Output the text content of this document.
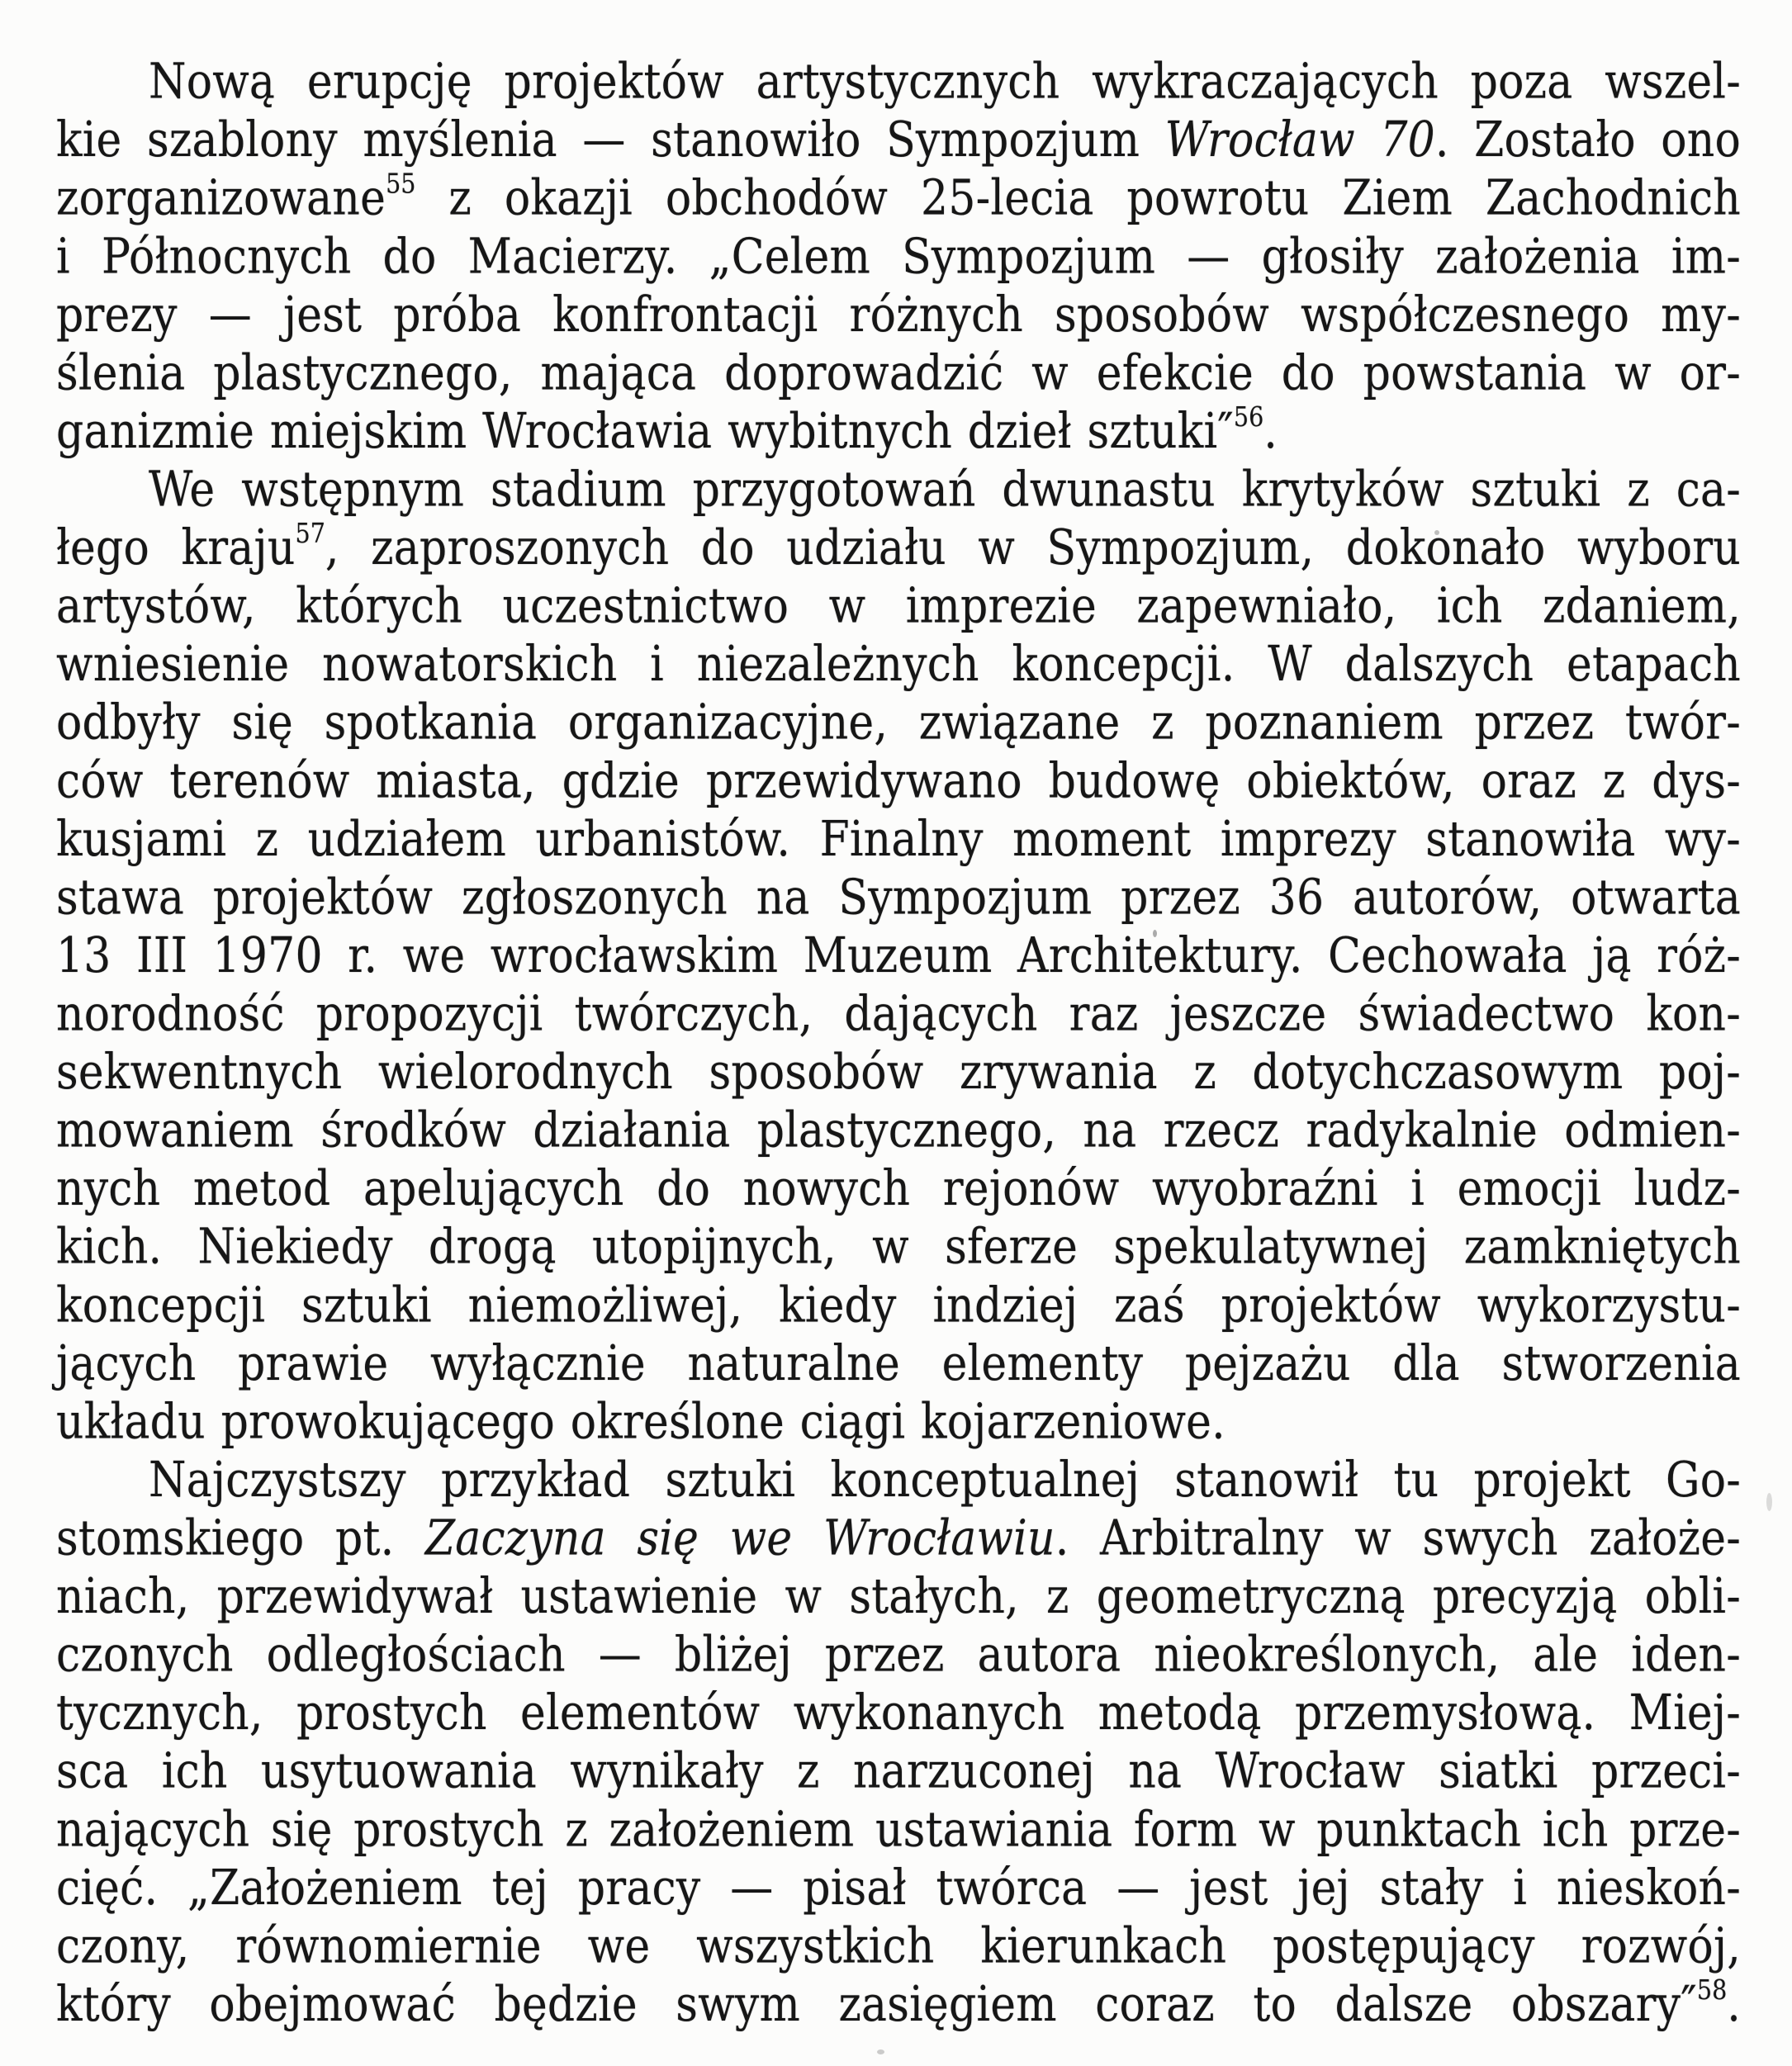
Nową erupcję projektów artystycznych wykraczających poza wszel-
kie szablony myślenia — stanowiło Sympozjum Wrocław 70. Zostało ono
zorganizowane$^{55}$ z okazji obchodów 25-lecia powrotu Ziem Zachodnich
i Północnych do Macierzy. „Celem Sympozjum — głosiły założenia im-
prezy — jest próba konfrontacji różnych sposobów współczesnego my-
ślenia plastycznego, mająca doprowadzić w efekcie do powstania w or-
ganizmie miejskim Wrocławia wybitnych dzieł sztuki″$^{56}$.
We wstępnym stadium przygotowań dwunastu krytyków sztuki z ca-
łego kraju$^{57}$, zaproszonych do udziału w Sympozjum, dokonało wyboru
artystów, których uczestnictwo w imprezie zapewniało, ich zdaniem,
wniesienie nowatorskich i niezależnych koncepcji. W dalszych etapach
odbyły się spotkania organizacyjne, związane z poznaniem przez twór-
ców terenów miasta, gdzie przewidywano budowę obiektów, oraz z dys-
kusjami z udziałem urbanistów. Finalny moment imprezy stanowiła wy-
stawa projektów zgłoszonych na Sympozjum przez 36 autorów, otwarta
13 III 1970 r. we wrocławskim Muzeum Architektury. Cechowała ją róż-
norodność propozycji twórczych, dających raz jeszcze świadectwo kon-
sekwentnych wielorodnych sposobów zrywania z dotychczasowym poj-
mowaniem środków działania plastycznego, na rzecz radykalnie odmien-
nych metod apelujących do nowych rejonów wyobraźni i emocji ludz-
kich. Niekiedy drogą utopijnych, w sferze spekulatywnej zamkniętych
koncepcji sztuki niemożliwej, kiedy indziej zaś projektów wykorzystu-
jących prawie wyłącznie naturalne elementy pejzażu dla stworzenia
układu prowokującego określone ciągi kojarzeniowe.
Najczystszy przykład sztuki konceptualnej stanowił tu projekt Go-
stomskiego pt. Zaczyna się we Wrocławiu. Arbitralny w swych założe-
niach, przewidywał ustawienie w stałych, z geometryczną precyzją obli-
czonych odległościach — bliżej przez autora nieokreślonych, ale iden-
tycznych, prostych elementów wykonanych metodą przemysłową. Miej-
sca ich usytuowania wynikały z narzuconej na Wrocław siatki przeci-
nających się prostych z założeniem ustawiania form w punktach ich prze-
cięć. „Założeniem tej pracy — pisał twórca — jest jej stały i nieskoń-
czony, równomiernie we wszystkich kierunkach postępujący rozwój,
który obejmować będzie swym zasięgiem coraz to dalsze obszary″$^{58}$.
